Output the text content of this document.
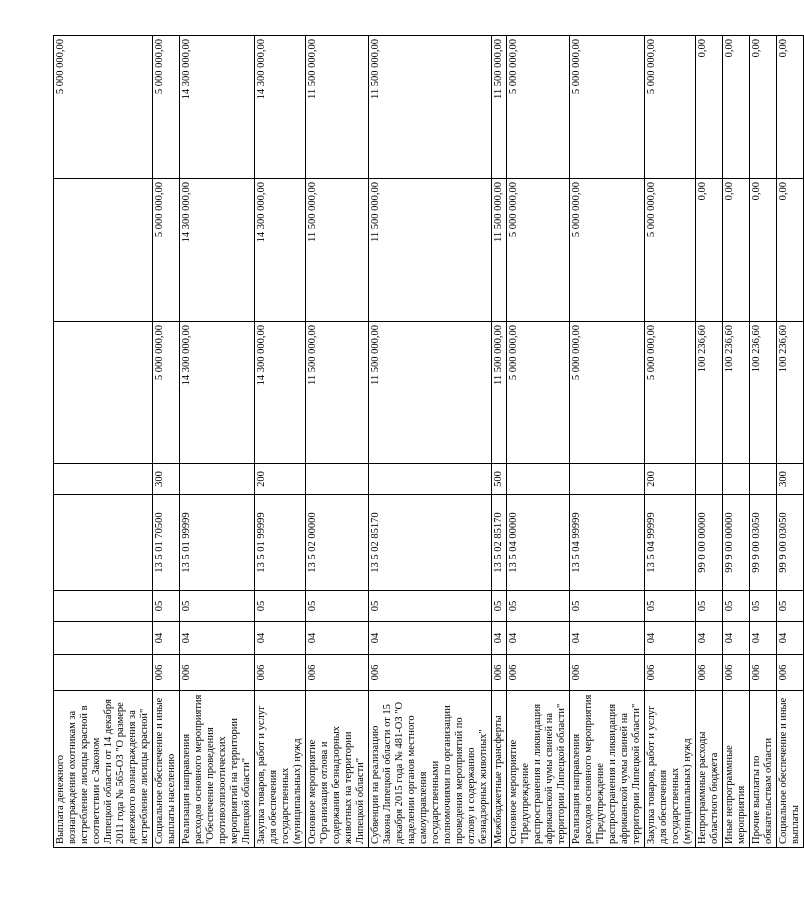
Выплата денежного вознаграждения охотникам за истребление лисицы красной в соответствии с Законом Липецкой области от 14 декабря 2011 года № 565-ОЗ "О размере денежного вознаграждения за истребление лисицы красной"								5 000 000,00
Социальное обеспечение и иные выплаты населению	006	04	05	13 5 01 70500	300	5 000 000,00	5 000 000,00	5 000 000,00
Реализация направления расходов основного мероприятия "Обеспечение проведения противоэпизоотических мероприятий на территории Липецкой области"	006	04	05	13 5 01 99999		14 300 000,00	14 300 000,00	14 300 000,00
Закупка товаров, работ и услуг для обеспечения государственных (муниципальных) нужд	006	04	05	13 5 01 99999	200	14 300 000,00	14 300 000,00	14 300 000,00
Основное мероприятие "Организация отлова и содержания безнадзорных животных на территории Липецкой области"	006	04	05	13 5 02 00000		11 500 000,00	11 500 000,00	11 500 000,00
Субвенции на реализацию Закона Липецкой области от 15 декабря 2015 года № 481-ОЗ "О наделении органов местного самоуправления государственными полномочиями по организации проведения мероприятий по отлову и содержанию безнадзорных животных"	006	04	05	13 5 02 85170		11 500 000,00	11 500 000,00	11 500 000,00
Межбюджетные трансферты	006	04	05	13 5 02 85170	500	11 500 000,00	11 500 000,00	11 500 000,00
Основное мероприятие "Предупреждение распространения и ликвидация африканской чумы свиней на территории Липецкой области"	006	04	05	13 5 04 00000		5 000 000,00	5 000 000,00	5 000 000,00
Реализация направления расходов основного мероприятия "Предупреждение распространения и ликвидация африканской чумы свиней на территории Липецкой области"	006	04	05	13 5 04 99999		5 000 000,00	5 000 000,00	5 000 000,00
Закупка товаров, работ и услуг для обеспечения государственных (муниципальных) нужд	006	04	05	13 5 04 99999	200	5 000 000,00	5 000 000,00	5 000 000,00
Непрограммные расходы областного бюджета	006	04	05	99 0 00 00000		100 236,60	0,00	0,00
Иные непрограммные мероприятия	006	04	05	99 9 00 00000		100 236,60	0,00	0,00
Прочие выплаты по обязательствам области	006	04	05	99 9 00 03050		100 236,60	0,00	0,00
Социальное обеспечение и иные выплаты	006	04	05	99 9 00 03050	300	100 236,60	0,00	0,00
